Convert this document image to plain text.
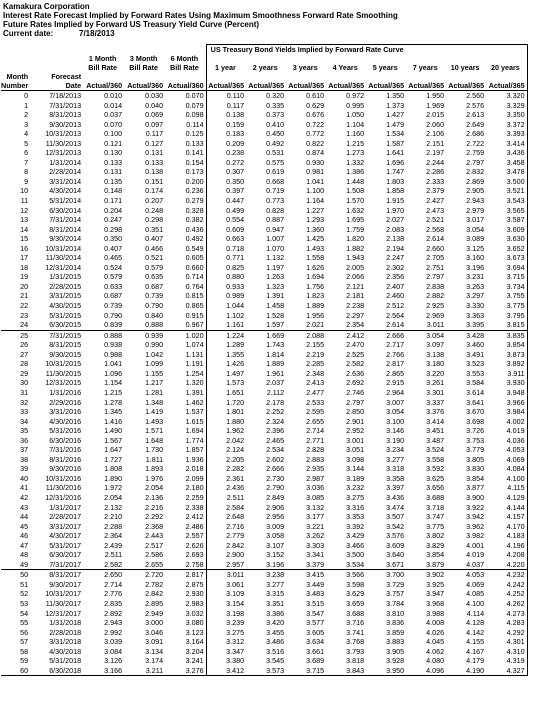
Kamakura Corporation
Interest Rate Forecast Implied by Forward Rates Using Maximum Smoothness Forward Rate Smoothing
Future Rates Implied by Forward US Treasury Yield Curve (Percent)
Current date:	7/18/2013
					US Treasury Bond Yields Implied by Forward Rate Curve							
		1 Month	3 Month	6 Month								
		Bill Rate	Bill Rate	Bill Rate	1 year	2 years	3 years	4 Years	5 years	7 years	10 years	20 years
Month	Forecast											
Number	Date	Actual/360	Actual/360	Actual/360	Actual/365	Actual/365	Actual/365	Actual/365	Actual/365	Actual/365	Actual/365	Actual/365
0	7/18/2013	0.010	0.030	0.070	0.110	0.320	0.610	0.972	1.350	1.950	2.560	3.320
1	7/31/2013	0.014	0.040	0.079	0.117	0.335	0.629	0.995	1.373	1.969	2.576	3.329
2	8/31/2013	0.037	0.069	0.098	0.138	0.373	0.676	1.050	1.427	2.015	2.613	3.350
3	9/30/2013	0.070	0.097	0.114	0.159	0.410	0.722	1.104	1.479	2.060	2.649	3.372
4	10/31/2013	0.100	0.117	0.125	0.183	0.450	0.772	1.160	1.534	2.106	2.686	3.393
5	11/30/2013	0.121	0.127	0.133	0.209	0.492	0.822	1.215	1.587	2.151	2.722	3.414
6	12/31/2013	0.130	0.131	0.141	0.238	0.531	0.874	1.273	1.641	2.197	2.759	3.436
7	1/31/2014	0.133	0.133	0.154	0.272	0.575	0.930	1.332	1.696	2.244	2.797	3.458
8	2/28/2014	0.131	0.138	0.173	0.307	0.619	0.981	1.386	1.747	2.286	2.832	3.478
9	3/31/2014	0.135	0.151	0.200	0.350	0.668	1.041	1.448	1.803	2.333	2.869	3.500
10	4/30/2014	0.148	0.174	0.236	0.397	0.719	1.100	1.508	1.858	2.379	2.905	3.521
11	5/31/2014	0.171	0.207	0.279	0.447	0.773	1.164	1.570	1.915	2.427	2.943	3.543
12	6/30/2014	0.204	0.248	0.328	0.499	0.828	1.227	1.632	1.970	2.473	2.979	3.565
13	7/31/2014	0.247	0.298	0.382	0.554	0.887	1.293	1.695	2.027	2.521	3.017	3.587
14	8/31/2014	0.298	0.351	0.436	0.609	0.947	1.360	1.759	2.083	2.568	3.054	3.609
15	9/30/2014	0.350	0.407	0.492	0.663	1.007	1.425	1.820	2.138	2.614	3.089	3.630
16	10/31/2014	0.407	0.466	0.549	0.718	1.070	1.493	1.882	2.194	2.660	3.125	3.652
17	11/30/2014	0.465	0.521	0.605	0.771	1.132	1.558	1.943	2.247	2.705	3.160	3.673
18	12/31/2014	0.524	0.579	0.660	0.825	1.197	1.626	2.005	2.302	2.751	3.196	3.694
19	1/31/2015	0.579	0.635	0.714	0.880	1.263	1.694	2.066	2.356	2.797	3.231	3.715
20	2/28/2015	0.633	0.687	0.764	0.933	1.323	1.756	2.121	2.407	2.838	3.263	3.734
21	3/31/2015	0.687	0.739	0.815	0.989	1.391	1.823	2.181	2.460	2.882	3.297	3.755
22	4/30/2015	0.739	0.790	0.865	1.044	1.458	1.889	2.238	2.512	2.925	3.330	3.775
23	5/31/2015	0.790	0.840	0.915	1.102	1.528	1.956	2.297	2.564	2.969	3.363	3.795
24	6/30/2015	0.839	0.888	0.967	1.161	1.597	2.021	2.354	2.614	3.011	3.395	3.815
25	7/31/2015	0.888	0.939	1.020	1.224	1.669	2.088	2.412	2.666	3.054	3.428	3.835
26	8/31/2015	0.938	0.990	1.074	1.289	1.743	2.155	2.470	2.717	3.097	3.460	3.854
27	9/30/2015	0.988	1.042	1.131	1.355	1.814	2.219	2.525	2.766	3.138	3.491	3.873
28	10/31/2015	1.041	1.099	1.191	1.426	1.889	2.285	2.582	2.817	3.180	3.523	3.892
29	11/30/2015	1.096	1.155	1.254	1.497	1.961	2.348	2.636	2.865	3.220	3.553	3.911
30	12/31/2015	1.154	1.217	1.320	1.573	2.037	2.413	2.692	2.915	3.261	3.584	3.930
31	1/31/2016	1.215	1.281	1.391	1.651	2.112	2.477	2.746	2.964	3.301	3.614	3.948
32	2/29/2016	1.278	1.348	1.462	1.720	2.178	2.533	2.797	3.007	3.337	3.641	3.966
33	3/31/2016	1.345	1.419	1.537	1.801	2.252	2.595	2.850	3.054	3.376	3.670	3.984
34	4/30/2016	1.416	1.493	1.615	1.880	2.324	2.655	2.901	3.100	3.414	3.698	4.002
35	5/31/2016	1.490	1.571	1.694	1.962	2.396	2.714	2.952	3.146	3.451	3.726	4.019
36	6/30/2016	1.567	1.648	1.774	2.042	2.465	2.771	3.001	3.190	3.487	3.753	4.036
37	7/31/2016	1.647	1.730	1.857	2.124	2.534	2.828	3.051	3.234	3.524	3.779	4.053
38	8/31/2016	1.727	1.811	1.936	2.205	2.602	2.883	3.098	3.277	3.558	3.805	4.069
39	9/30/2016	1.808	1.893	2.018	2.282	2.666	2.935	3.144	3.318	3.592	3.830	4.084
40	10/31/2016	1.890	1.976	2.099	2.361	2.730	2.987	3.189	3.358	3.625	3.854	4.100
41	11/30/2016	1.972	2.054	2.180	2.436	2.790	3.036	3.232	3.397	3.656	3.877	4.115
42	12/31/2016	2.054	2.136	2.259	2.511	2.849	3.085	3.275	3.436	3.688	3.900	4.129
43	1/31/2017	2.132	2.216	2.338	2.584	2.906	3.132	3.316	3.474	3.718	3.922	4.144
44	2/28/2017	2.210	2.292	2.412	2.648	2.956	3.177	3.353	3.507	3.747	3.942	4.157
45	3/31/2017	2.288	2.368	2.486	2.716	3.009	3.221	3.392	3.542	3.775	3.962	4.170
46	4/30/2017	2.364	2.443	2.557	2.779	3.058	3.262	3.429	3.576	3.802	3.982	4.183
47	5/31/2017	2.439	2.517	2.626	2.842	3.107	3.303	3.466	3.609	3.829	4.001	4.196
48	6/30/2017	2.511	2.586	2.693	2.900	3.152	3.341	3.500	3.640	3.854	4.019	4.208
49	7/31/2017	2.582	2.655	2.758	2.957	3.196	3.379	3.534	3.671	3.879	4.037	4.220
50	8/31/2017	2.650	2.720	2.817	3.011	3.238	3.415	3.566	3.700	3.902	4.053	4.232
51	9/30/2017	2.714	2.782	2.875	3.061	3.277	3.449	3.598	3.729	3.925	4.069	4.242
52	10/31/2017	2.776	2.842	2.930	3.109	3.315	3.483	3.629	3.757	3.947	4.085	4.252
53	11/30/2017	2.835	2.895	2.983	3.154	3.351	3.515	3.659	3.784	3.968	4.100	4.262
54	12/31/2017	2.892	2.949	3.032	3.198	3.386	3.547	3.688	3.810	3.988	4.114	4.273
55	1/31/2018	2.943	3.000	3.080	3.239	3.420	3.577	3.716	3.836	4.008	4.128	4.283
56	2/28/2018	2.992	3.046	3.123	3.275	3.455	3.605	3.741	3.859	4.026	4.142	4.292
57	3/31/2018	3.039	3.091	3.164	3.312	3.486	3.634	3.768	3.883	4.045	4.155	4.301
58	4/30/2018	3.084	3.134	3.204	3.347	3.516	3.661	3.793	3.905	4.062	4.167	4.310
59	5/31/2018	3.126	3.174	3.241	3.380	3.545	3.689	3.818	3.928	4.080	4.179	4.319
60	6/30/2018	3.166	3.211	3.276	3.412	3.573	3.715	3.843	3.950	4.096	4.190	4.327
